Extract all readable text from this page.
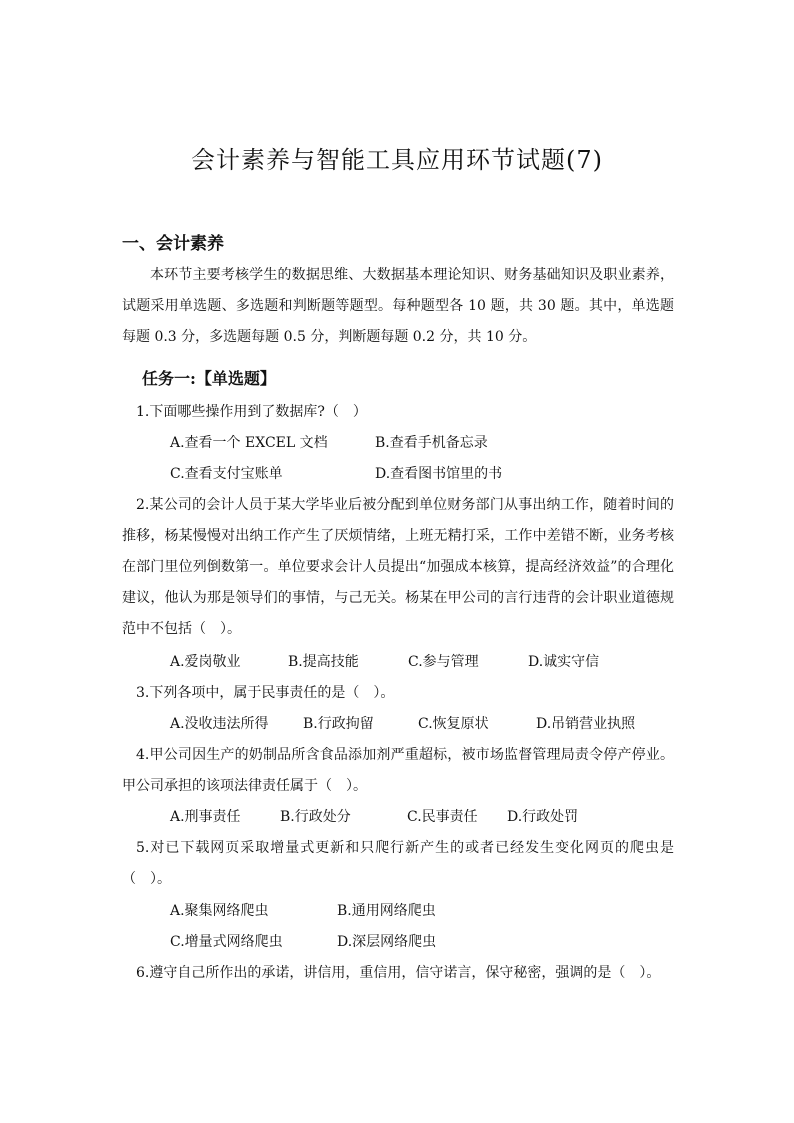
会计素养与智能工具应用环节试题(7)
一、会计素养
本环节主要考核学生的数据思维、大数据基本理论知识、财务基础知识及职业素养，试题采用单选题、多选题和判断题等题型。每种题型各 10 题，共 30 题。其中，单选题每题 0.3 分，多选题每题 0.5 分，判断题每题 0.2 分，共 10 分。
任务一:【单选题】
1.下面哪些操作用到了数据库?（　）
A.查看一个 EXCEL 文档	B.查看手机备忘录
C.查看支付宝账单	D.查看图书馆里的书
2.某公司的会计人员于某大学毕业后被分配到单位财务部门从事出纳工作，随着时间的推移，杨某慢慢对出纳工作产生了厌烦情绪，上班无精打采，工作中差错不断，业务考核在部门里位列倒数第一。单位要求会计人员提出“加强成本核算，提高经济效益”的合理化建议，他认为那是领导们的事情，与己无关。杨某在甲公司的言行违背的会计职业道德规范中不包括（　）。
A.爱岗敬业	B.提高技能	C.参与管理	D.诚实守信
3.下列各项中，属于民事责任的是（　）。
A.没收违法所得 B.行政拘留	C.恢复原状	D.吊销营业执照
4.甲公司因生产的奶制品所含食品添加剂严重超标，被市场监督管理局责令停产停业。甲公司承担的该项法律责任属于（　）。
A.刑事责任	B.行政处分	C.民事责任 D.行政处罚
5.对已下载网页采取增量式更新和只爬行新产生的或者已经发生变化网页的爬虫是（　）。
A.聚集网络爬虫	B.通用网络爬虫
C.增量式网络爬虫	D.深层网络爬虫
6.遵守自己所作出的承诺，讲信用，重信用，信守诺言，保守秘密，强调的是（　）。
